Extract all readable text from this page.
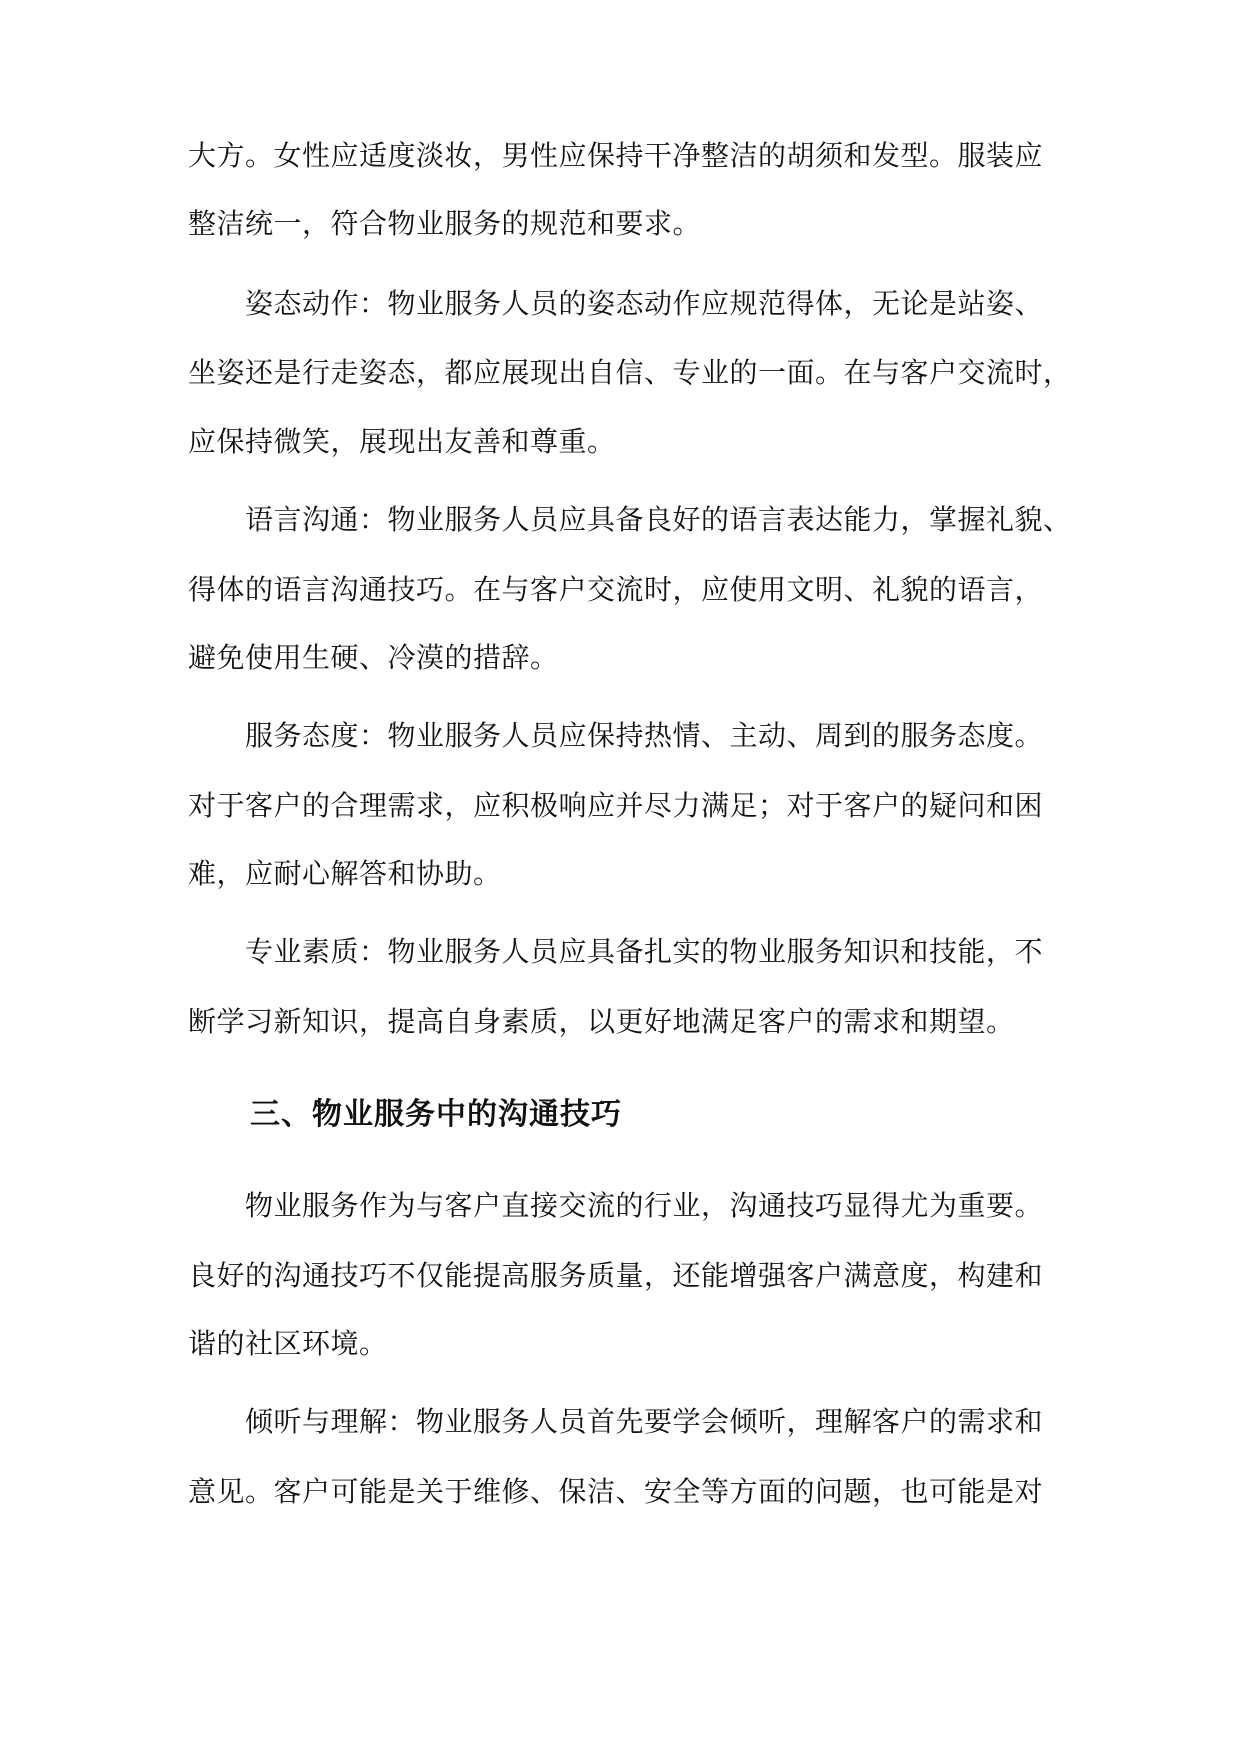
大方。女性应适度淡妆，男性应保持干净整洁的胡须和发型。服装应
整洁统一，符合物业服务的规范和要求。
　　姿态动作：物业服务人员的姿态动作应规范得体，无论是站姿、
坐姿还是行走姿态，都应展现出自信、专业的一面。在与客户交流时，
应保持微笑，展现出友善和尊重。
　　语言沟通：物业服务人员应具备良好的语言表达能力，掌握礼貌、
得体的语言沟通技巧。在与客户交流时，应使用文明、礼貌的语言，
避免使用生硬、冷漠的措辞。
　　服务态度：物业服务人员应保持热情、主动、周到的服务态度。
对于客户的合理需求，应积极响应并尽力满足；对于客户的疑问和困
难，应耐心解答和协助。
　　专业素质：物业服务人员应具备扎实的物业服务知识和技能，不
断学习新知识，提高自身素质，以更好地满足客户的需求和期望。
三、物业服务中的沟通技巧
　　物业服务作为与客户直接交流的行业，沟通技巧显得尤为重要。
良好的沟通技巧不仅能提高服务质量，还能增强客户满意度，构建和
谐的社区环境。
　　倾听与理解：物业服务人员首先要学会倾听，理解客户的需求和
意见。客户可能是关于维修、保洁、安全等方面的问题，也可能是对
